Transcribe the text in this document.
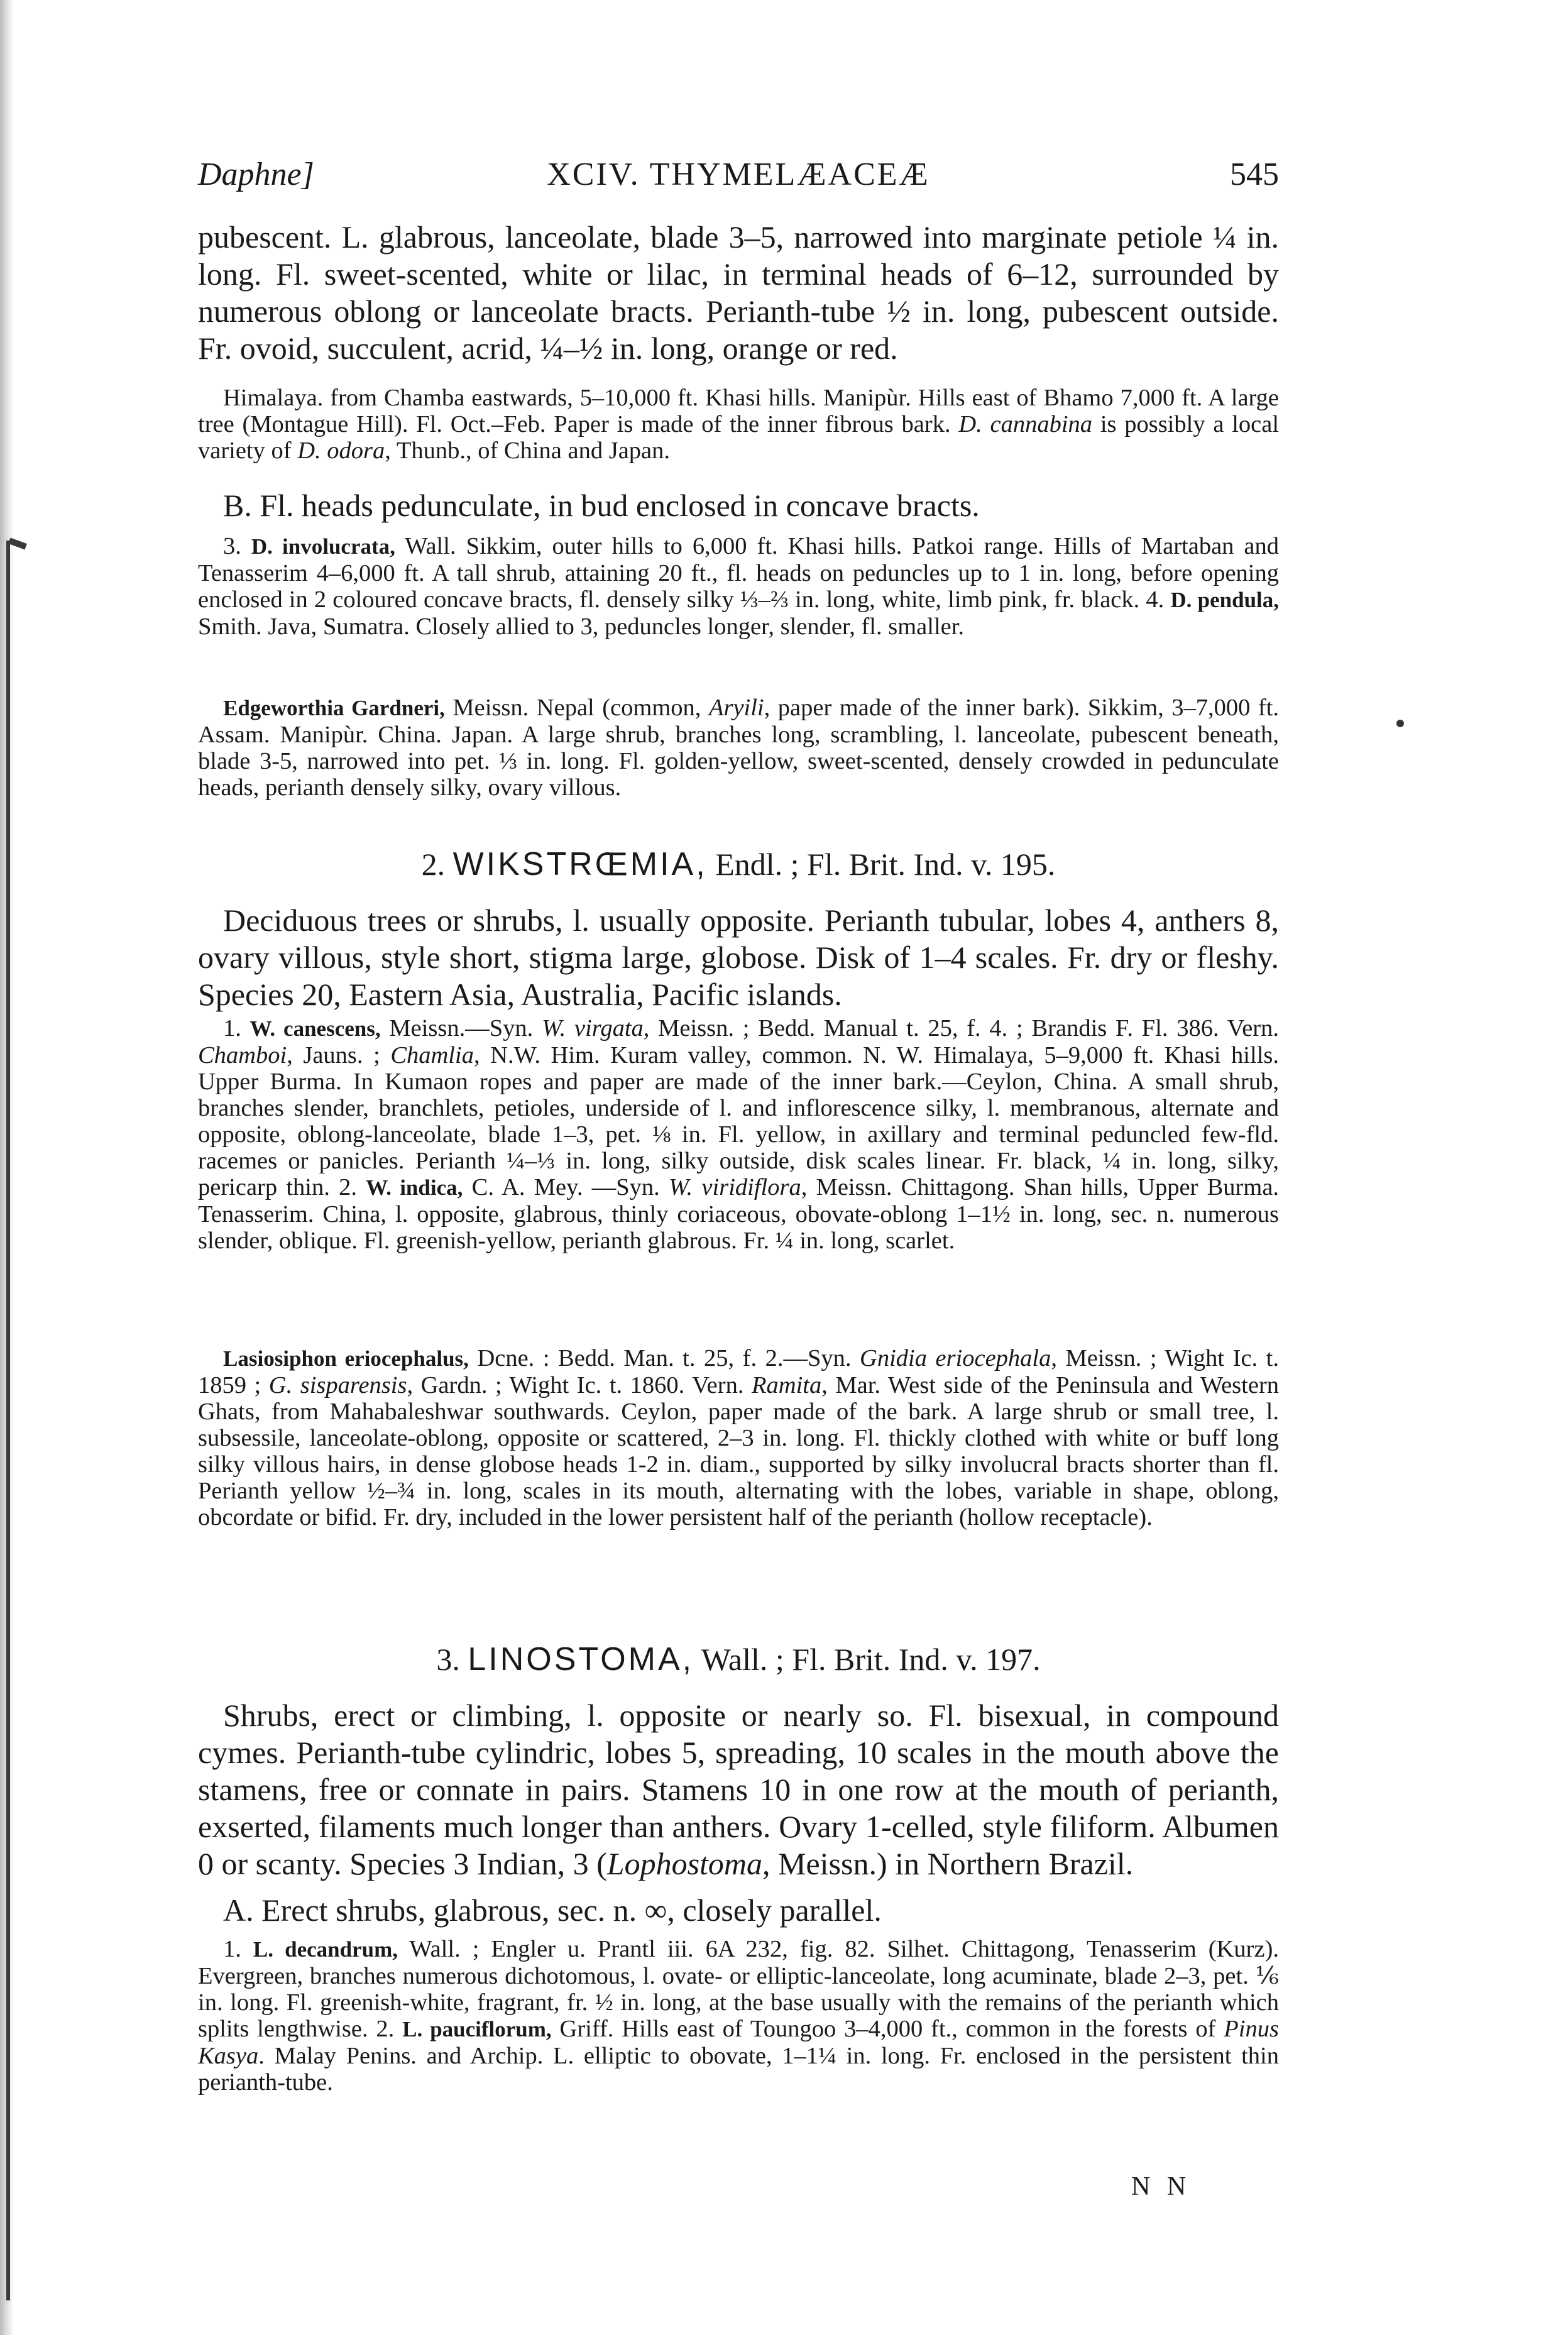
Daphne]	XCIV. THYMELÆACEÆ	545
pubescent. L. glabrous, lanceolate, blade 3–5, narrowed into marginate petiole ¼ in. long. Fl. sweet-scented, white or lilac, in terminal heads of 6–12, surrounded by numerous oblong or lanceolate bracts. Perianth-tube ½ in. long, pubescent outside. Fr. ovoid, succulent, acrid, ¼–½ in. long, orange or red.
Himalaya. from Chamba eastwards, 5–10,000 ft. Khasi hills. Manipùr. Hills east of Bhamo 7,000 ft. A large tree (Montague Hill). Fl. Oct.–Feb. Paper is made of the inner fibrous bark. D. cannabina is possibly a local variety of D. odora, Thunb., of China and Japan.
B. Fl. heads pedunculate, in bud enclosed in concave bracts.
3. D. involucrata, Wall. Sikkim, outer hills to 6,000 ft. Khasi hills. Patkoi range. Hills of Martaban and Tenasserim 4–6,000 ft. A tall shrub, attaining 20 ft., fl. heads on peduncles up to 1 in. long, before opening enclosed in 2 coloured concave bracts, fl. densely silky ⅓–⅔ in. long, white, limb pink, fr. black. 4. D. pendula, Smith. Java, Sumatra. Closely allied to 3, peduncles longer, slender, fl. smaller.
Edgeworthia Gardneri, Meissn. Nepal (common, Aryili, paper made of the inner bark). Sikkim, 3–7,000 ft. Assam. Manipùr. China. Japan. A large shrub, branches long, scrambling, l. lanceolate, pubescent beneath, blade 3-5, narrowed into pet. ⅓ in. long. Fl. golden-yellow, sweet-scented, densely crowded in pedunculate heads, perianth densely silky, ovary villous.
2. WIKSTRŒMIA, Endl. ; Fl. Brit. Ind. v. 195.
Deciduous trees or shrubs, l. usually opposite. Perianth tubular, lobes 4, anthers 8, ovary villous, style short, stigma large, globose. Disk of 1–4 scales. Fr. dry or fleshy. Species 20, Eastern Asia, Australia, Pacific islands.
1. W. canescens, Meissn.—Syn. W. virgata, Meissn. ; Bedd. Manual t. 25, f. 4. ; Brandis F. Fl. 386. Vern. Chamboi, Jauns. ; Chamlia, N.W. Him. Kuram valley, common. N. W. Himalaya, 5–9,000 ft. Khasi hills. Upper Burma. In Kumaon ropes and paper are made of the inner bark.—Ceylon, China. A small shrub, branches slender, branchlets, petioles, underside of l. and inflorescence silky, l. membranous, alternate and opposite, oblong-lanceolate, blade 1–3, pet. ⅛ in. Fl. yellow, in axillary and terminal peduncled few-fld. racemes or panicles. Perianth ¼–⅓ in. long, silky outside, disk scales linear. Fr. black, ¼ in. long, silky, pericarp thin. 2. W. indica, C. A. Mey. —Syn. W. viridiflora, Meissn. Chittagong. Shan hills, Upper Burma. Tenasserim. China, l. opposite, glabrous, thinly coriaceous, obovate-oblong 1–1½ in. long, sec. n. numerous slender, oblique. Fl. greenish-yellow, perianth glabrous. Fr. ¼ in. long, scarlet.
Lasiosiphon eriocephalus, Dcne. : Bedd. Man. t. 25, f. 2.—Syn. Gnidia eriocephala, Meissn. ; Wight Ic. t. 1859 ; G. sisparensis, Gardn. ; Wight Ic. t. 1860. Vern. Ramita, Mar. West side of the Peninsula and Western Ghats, from Mahabaleshwar southwards. Ceylon, paper made of the bark. A large shrub or small tree, l. subsessile, lanceolate-oblong, opposite or scattered, 2–3 in. long. Fl. thickly clothed with white or buff long silky villous hairs, in dense globose heads 1-2 in. diam., supported by silky involucral bracts shorter than fl. Perianth yellow ½–¾ in. long, scales in its mouth, alternating with the lobes, variable in shape, oblong, obcordate or bifid. Fr. dry, included in the lower persistent half of the perianth (hollow receptacle).
3. LINOSTOMA, Wall. ; Fl. Brit. Ind. v. 197.
Shrubs, erect or climbing, l. opposite or nearly so. Fl. bisexual, in compound cymes. Perianth-tube cylindric, lobes 5, spreading, 10 scales in the mouth above the stamens, free or connate in pairs. Stamens 10 in one row at the mouth of perianth, exserted, filaments much longer than anthers. Ovary 1-celled, style filiform. Albumen 0 or scanty. Species 3 Indian, 3 (Lophostoma, Meissn.) in Northern Brazil.
A. Erect shrubs, glabrous, sec. n. ∞, closely parallel.
1. L. decandrum, Wall. ; Engler u. Prantl iii. 6A 232, fig. 82. Silhet. Chittagong, Tenasserim (Kurz). Evergreen, branches numerous dichotomous, l. ovate- or elliptic-lanceolate, long acuminate, blade 2–3, pet. ⅙ in. long. Fl. greenish-white, fragrant, fr. ½ in. long, at the base usually with the remains of the perianth which splits lengthwise. 2. L. pauciflorum, Griff. Hills east of Toungoo 3–4,000 ft., common in the forests of Pinus Kasya. Malay Penins. and Archip. L. elliptic to obovate, 1–1¼ in. long. Fr. enclosed in the persistent thin perianth-tube.
N N
